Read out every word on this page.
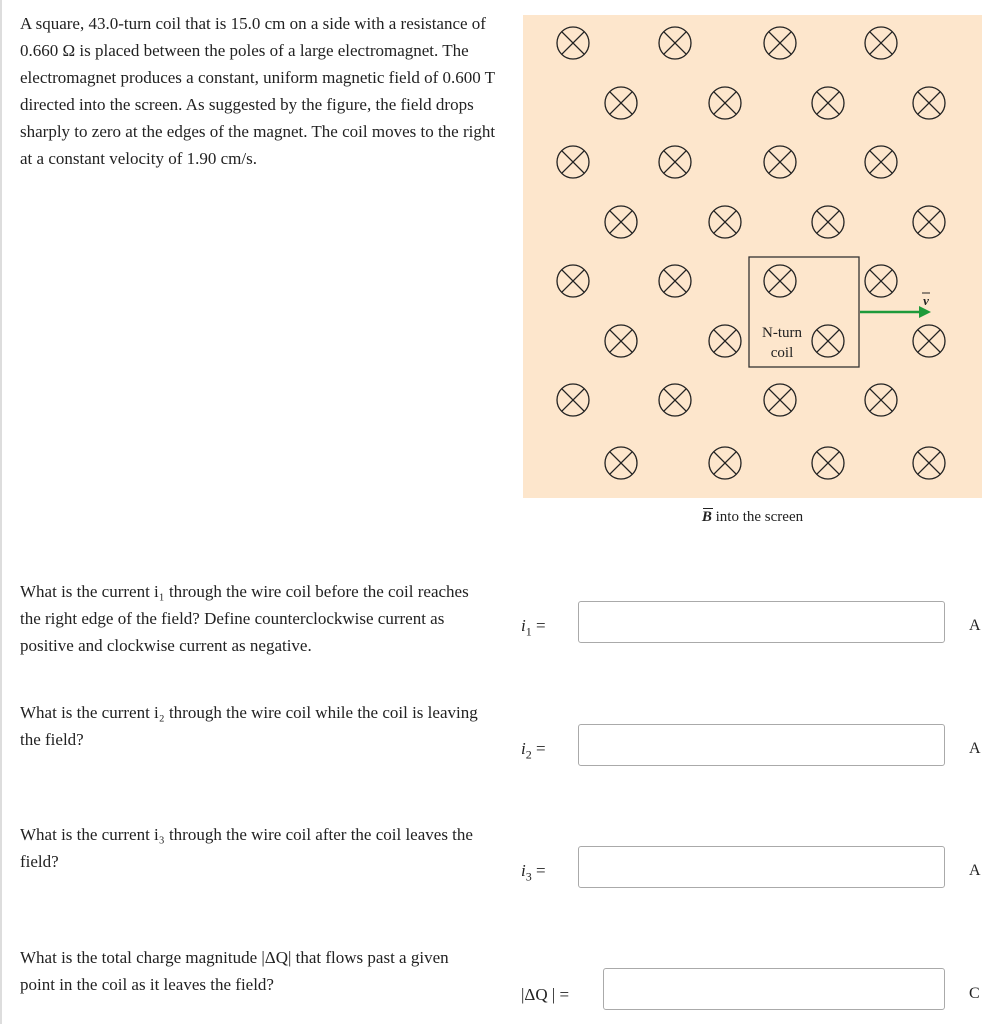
A square, 43.0-turn coil that is 15.0 cm on a side with a resistance of 0.660 Ω is placed between the poles of a large electromagnet. The electromagnet produces a constant, uniform magnetic field of 0.600 T directed into the screen. As suggested by the figure, the field drops sharply to zero at the edges of the magnet. The coil moves to the right at a constant velocity of 1.90 cm/s.

N-turn
coil
v
B into the screen

What is the current i₁ through the wire coil before the coil reaches the right edge of the field? Define counterclockwise current as positive and clockwise current as negative.

$i_1$ =	A

What is the current i₂ through the wire coil while the coil is leaving the field?	$i_2$ =	A

What is the current i₃ through the wire coil after the coil leaves the field?	$i_3$ =	A

What is the total charge magnitude |ΔQ| that flows past a given point in the coil as it leaves the field?

|ΔQ | =	C
